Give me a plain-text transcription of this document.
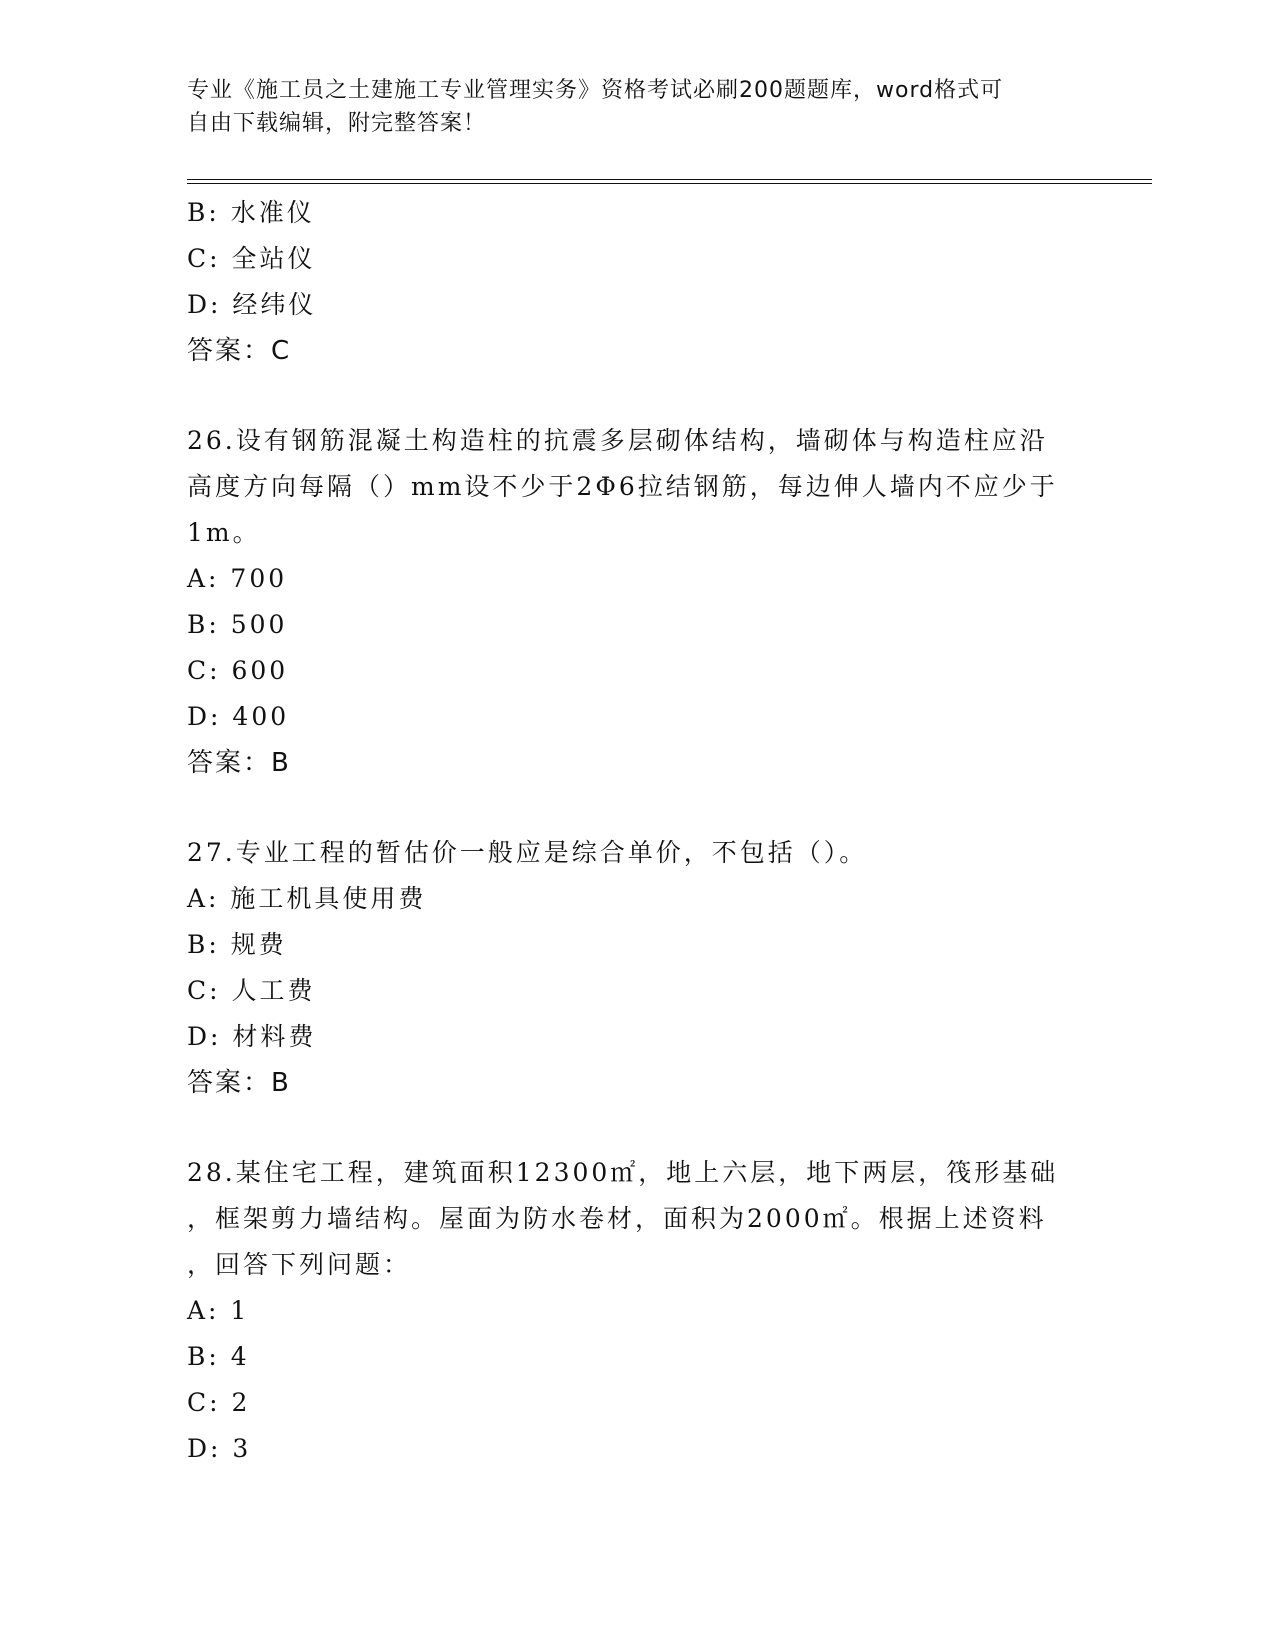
专业《施工员之土建施工专业管理实务》资格考试必刷200题题库，word格式可
自由下载编辑，附完整答案！
B: 水准仪
C: 全站仪
D: 经纬仪
答案：C
26.设有钢筋混凝土构造柱的抗震多层砌体结构，墙砌体与构造柱应沿
高度方向每隔（）mm设不少于2Φ6拉结钢筋，每边伸人墙内不应少于
1m。
A: 700
B: 500
C: 600
D: 400
答案：B
27.专业工程的暂估价一般应是综合单价，不包括（）。
A: 施工机具使用费
B: 规费
C: 人工费
D: 材料费
答案：B
28.某住宅工程，建筑面积12300㎡，地上六层，地下两层，筏形基础
，框架剪力墙结构。屋面为防水卷材，面积为2000㎡。根据上述资料
，回答下列问题：
A: 1
B: 4
C: 2
D: 3
